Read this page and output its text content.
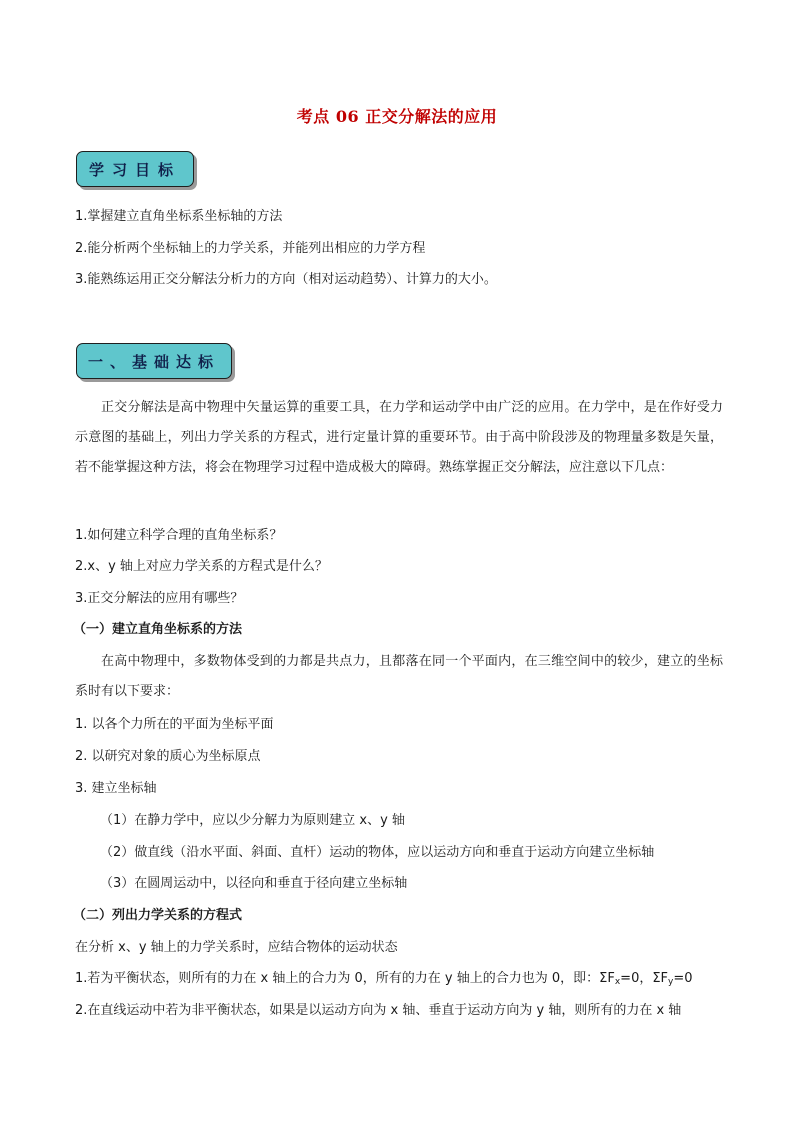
考点 06 正交分解法的应用
学习目标
1.掌握建立直角坐标系坐标轴的方法
2.能分析两个坐标轴上的力学关系，并能列出相应的力学方程
3.能熟练运用正交分解法分析力的方向（相对运动趋势）、计算力的大小。
一、基础达标
正交分解法是高中物理中矢量运算的重要工具，在力学和运动学中由广泛的应用。在力学中，是在作好受力示意图的基础上，列出力学关系的方程式，进行定量计算的重要环节。由于高中阶段涉及的物理量多数是矢量，若不能掌握这种方法，将会在物理学习过程中造成极大的障碍。熟练掌握正交分解法，应注意以下几点：
1.如何建立科学合理的直角坐标系？
2.x、y 轴上对应力学关系的方程式是什么？
3.正交分解法的应用有哪些？
（一）建立直角坐标系的方法
在高中物理中，多数物体受到的力都是共点力，且都落在同一个平面内，在三维空间中的较少，建立的坐标系时有以下要求：
1. 以各个力所在的平面为坐标平面
2. 以研究对象的质心为坐标原点
3. 建立坐标轴
（1）在静力学中，应以少分解力为原则建立 x、y 轴
（2）做直线（沿水平面、斜面、直杆）运动的物体，应以运动方向和垂直于运动方向建立坐标轴
（3）在圆周运动中，以径向和垂直于径向建立坐标轴
（二）列出力学关系的方程式
在分析 x、y 轴上的力学关系时，应结合物体的运动状态
1.若为平衡状态，则所有的力在 x 轴上的合力为 0，所有的力在 y 轴上的合力也为 0，即：$\Sigma F_x=0$，$\Sigma F_y=0$
2.在直线运动中若为非平衡状态，如果是以运动方向为 x 轴、垂直于运动方向为 y 轴，则所有的力在 x 轴
